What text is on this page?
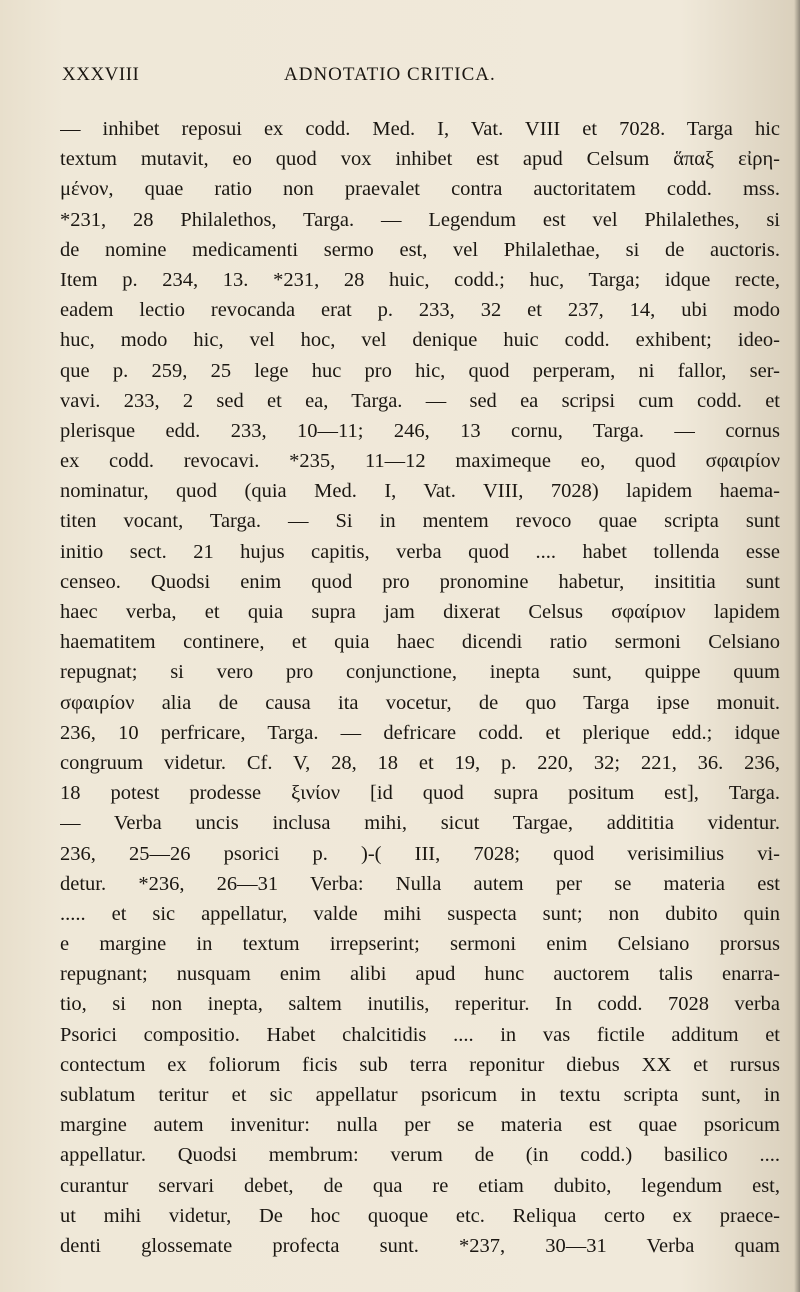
XXXVIII	ADNOTATIO CRITICA.
— inhibet reposui ex codd. Med. I, Vat. VIII et 7028. Targa hic
textum mutavit, eo quod vox inhibet est apud Celsum ἅπαξ εἰρη-
μένον, quae ratio non praevalet contra auctoritatem codd. mss.
*231, 28 Philalethos, Targa. — Legendum est vel Philalethes, si
de nomine medicamenti sermo est, vel Philalethae, si de auctoris.
Item p. 234, 13. *231, 28 huic, codd.; huc, Targa; idque recte,
eadem lectio revocanda erat p. 233, 32 et 237, 14, ubi modo
huc, modo hic, vel hoc, vel denique huic codd. exhibent; ideo-
que p. 259, 25 lege huc pro hic, quod perperam, ni fallor, ser-
vavi. 233, 2 sed et ea, Targa. — sed ea scripsi cum codd. et
plerisque edd. 233, 10—11; 246, 13 cornu, Targa. — cornus
ex codd. revocavi. *235, 11—12 maximeque eo, quod σφαιρίον
nominatur, quod (quia Med. I, Vat. VIII, 7028) lapidem haema-
titen vocant, Targa. — Si in mentem revoco quae scripta sunt
initio sect. 21 hujus capitis, verba quod .... habet tollenda esse
censeo. Quodsi enim quod pro pronomine habetur, insititia sunt
haec verba, et quia supra jam dixerat Celsus σφαίριον lapidem
haematitem continere, et quia haec dicendi ratio sermoni Celsiano
repugnat; si vero pro conjunctione, inepta sunt, quippe quum
σφαιρίον alia de causa ita vocetur, de quo Targa ipse monuit.
236, 10 perfricare, Targa. — defricare codd. et plerique edd.; idque
congruum videtur. Cf. V, 28, 18 et 19, p. 220, 32; 221, 36. 236,
18 potest prodesse ξινίον [id quod supra positum est], Targa.
— Verba uncis inclusa mihi, sicut Targae, addititia videntur.
236, 25—26 psorici p. )-( III, 7028; quod verisimilius vi-
detur. *236, 26—31 Verba: Nulla autem per se materia est
..... et sic appellatur, valde mihi suspecta sunt; non dubito quin
e margine in textum irrepserint; sermoni enim Celsiano prorsus
repugnant; nusquam enim alibi apud hunc auctorem talis enarra-
tio, si non inepta, saltem inutilis, reperitur. In codd. 7028 verba
Psorici compositio. Habet chalcitidis .... in vas fictile additum et
contectum ex foliorum ficis sub terra reponitur diebus XX et rursus
sublatum teritur et sic appellatur psoricum in textu scripta sunt, in
margine autem invenitur: nulla per se materia est quae psoricum
appellatur. Quodsi membrum: verum de (in codd.) basilico ....
curantur servari debet, de qua re etiam dubito, legendum est,
ut mihi videtur, De hoc quoque etc. Reliqua certo ex praece-
denti glossemate profecta sunt. *237, 30—31 Verba quam
